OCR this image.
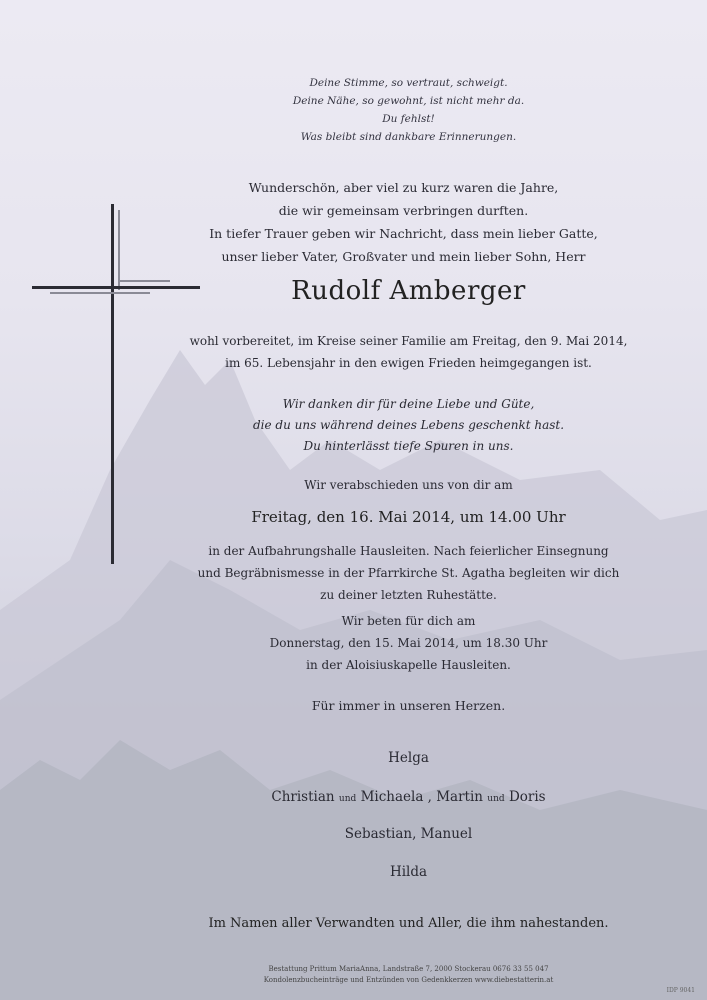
Deine Stimme, so vertraut, schweigt.
Deine Nähe, so gewohnt, ist nicht mehr da.
Du fehlst!
Was bleibt sind dankbare Erinnerungen.
Wunderschön, aber viel zu kurz waren die Jahre,
die wir gemeinsam verbringen durften.
In tiefer Trauer geben wir Nachricht, dass mein lieber Gatte,
unser lieber Vater, Großvater und mein lieber Sohn, Herr
Rudolf Amberger
wohl vorbereitet, im Kreise seiner Familie am Freitag, den 9. Mai 2014,
im 65. Lebensjahr in den ewigen Frieden heimgegangen ist.
Wir danken dir für deine Liebe und Güte,
die du uns während deines Lebens geschenkt hast.
Du hinterlässt tiefe Spuren in uns.
Wir verabschieden uns von dir am
Freitag, den 16. Mai 2014, um 14.00 Uhr
in der Aufbahrungshalle Hausleiten. Nach feierlicher Einsegnung
und Begräbnismesse in der Pfarrkirche St. Agatha begleiten wir dich
zu deiner letzten Ruhestätte.
Wir beten für dich am
Donnerstag, den 15. Mai 2014, um 18.30 Uhr
in der Aloisiuskapelle Hausleiten.
Für immer in unseren Herzen.
Helga
Christian und Michaela , Martin und Doris
Sebastian, Manuel
Hilda
Im Namen aller Verwandten und Aller, die ihm nahestanden.
Bestattung Prittum MariaAnna, Landstraße 7, 2000 Stockerau 0676 33 55 047
Kondolenzbucheinträge und Entzünden von Gedenkkerzen www.diebestatterin.at
IDP 9041
